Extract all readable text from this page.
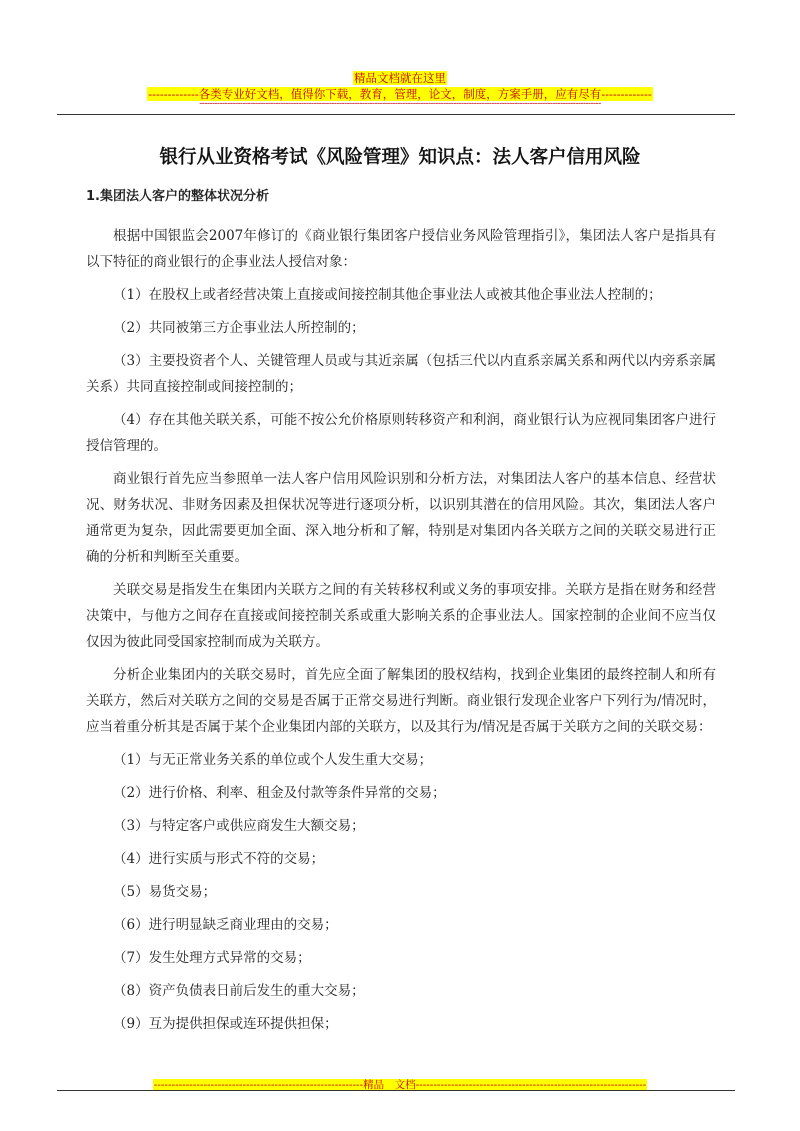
精品文档就在这里
-------------各类专业好文档，值得你下载，教育，管理，论文，制度，方案手册，应有尽有-------------
--------------------------------------------------------------------------------------------------------------------------------------------------------------
银行从业资格考试《风险管理》知识点：法人客户信用风险
1.集团法人客户的整体状况分析

根据中国银监会2007年修订的《商业银行集团客户授信业务风险管理指引》，集团法人客户是指具有以下特征的商业银行的企事业法人授信对象：

（1）在股权上或者经营决策上直接或间接控制其他企事业法人或被其他企事业法人控制的；

（2）共同被第三方企事业法人所控制的；

（3）主要投资者个人、关键管理人员或与其近亲属（包括三代以内直系亲属关系和两代以内旁系亲属关系）共同直接控制或间接控制的；

（4）存在其他关联关系，可能不按公允价格原则转移资产和利润，商业银行认为应视同集团客户进行授信管理的。

商业银行首先应当参照单一法人客户信用风险识别和分析方法，对集团法人客户的基本信息、经营状况、财务状况、非财务因素及担保状况等进行逐项分析，以识别其潜在的信用风险。其次，集团法人客户通常更为复杂，因此需要更加全面、深入地分析和了解，特别是对集团内各关联方之间的关联交易进行正确的分析和判断至关重要。

关联交易是指发生在集团内关联方之间的有关转移权利或义务的事项安排。关联方是指在财务和经营决策中，与他方之间存在直接或间接控制关系或重大影响关系的企事业法人。国家控制的企业间不应当仅仅因为彼此同受国家控制而成为关联方。

分析企业集团内的关联交易时，首先应全面了解集团的股权结构，找到企业集团的最终控制人和所有关联方，然后对关联方之间的交易是否属于正常交易进行判断。商业银行发现企业客户下列行为/情况时，应当着重分析其是否属于某个企业集团内部的关联方，以及其行为/情况是否属于关联方之间的关联交易：

（1）与无正常业务关系的单位或个人发生重大交易；

（2）进行价格、利率、租金及付款等条件异常的交易；

（3）与特定客户或供应商发生大额交易；

（4）进行实质与形式不符的交易；

（5）易货交易；

（6）进行明显缺乏商业理由的交易；

（7）发生处理方式异常的交易；

（8）资产负债表日前后发生的重大交易；

（9）互为提供担保或连环提供担保；

-----------------------------------------------------------精品　文档-----------------------------------------------------------------
